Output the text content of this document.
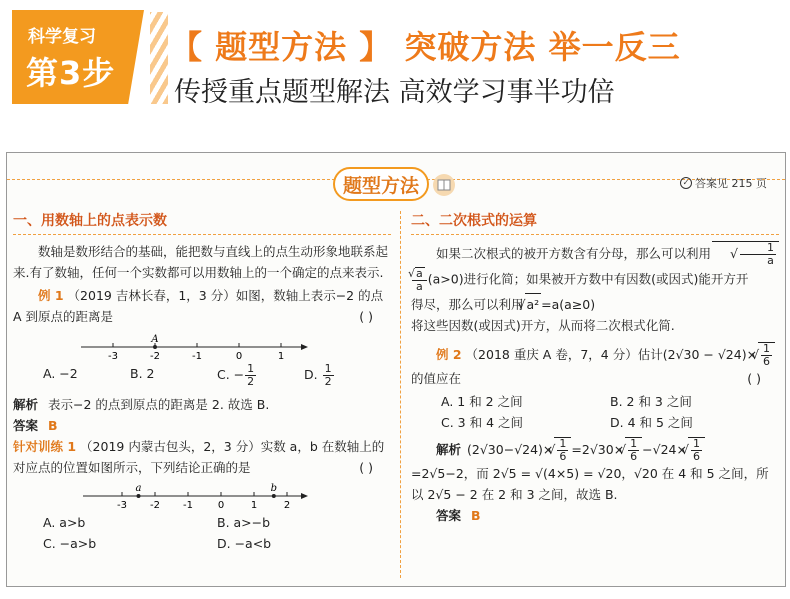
科学复习
第3步
【 题型方法 】 突破方法 举一反三
传授重点题型解法 高效学习事半功倍
题型方法	✓ 答案见 215 页
一、用数轴上的点表示数
数轴是数形结合的基础，能把数与直线上的点生动形象地联系起来.有了数轴，任何一个实数都可以用数轴上的一个确定的点来表示.
例 1 （2019 吉林长春，1，3 分）如图，数轴上表示−2 的点 A 到原点的距离是	( )
-3	-2	-1	0	1
A
A. −2	B. 2	C. − $\frac{1}{2}$	D. $\frac{1}{2}$
解析 表示−2 的点到原点的距离是 2. 故选 B.
答案 B
针对训练 1 （2019 内蒙古包头，2，3 分）实数 a，b 在数轴上的对应点的位置如图所示，下列结论正确的是	( )
-3 -2 -1 0	1	2
a	b
A. a>b	B. a>−b
C. −a>b	D. −a<b
二、二次根式的运算
如果二次根式的被开方数含有分母，那么可以利用	√ $\frac{1}{a}$
√ $\frac{a}{a} (a>0)$进行化简；如果被开方数中有因数(或因式)能开方开
得尽，那么可以利用 √ a² =a(a≥0)
将这些因数(或因式)开方，从而将二次根式化简.
例 2 （2018 重庆 A 卷，7，4 分）估计(2√30 − √24)× √ $\frac{1}{6}$
的值应在	( )
A. 1 和 2 之间	B. 2 和 3 之间
C. 3 和 4 之间	D. 4 和 5 之间
解析 (2√30−√24)× √ $\frac{1}{6} =2√30\times$ √ $\frac{1}{6} -√24\times$ √ $\frac{1}{6}$
=2√5−2，而 2√5 = √(4×5) = √20，√20 在 4 和 5 之间，所以 2√5 − 2 在 2 和 3 之间，故选 B.
答案 B
